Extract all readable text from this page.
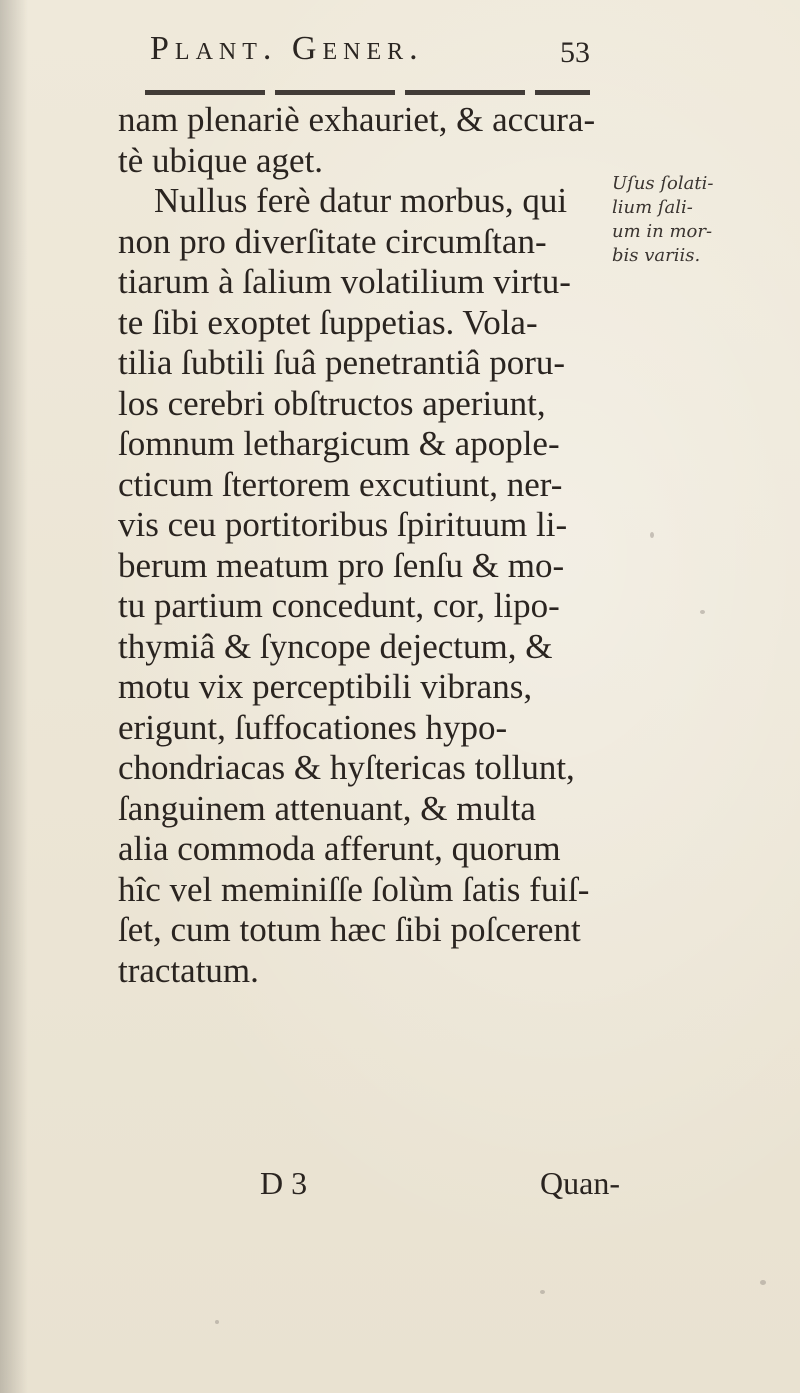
Plant. Gener.	53
nam plenariè exhauriet, & accura-
tè ubique aget.
Nullus ferè datur morbus, qui
non pro diverſitate circumſtan-
tiarum à ſalium volatilium virtu-
te ſibi exoptet ſuppetias. Vola-
tilia ſubtili ſuâ penetrantiâ poru-
los cerebri obſtructos aperiunt,
ſomnum lethargicum & apople-
cticum ſtertorem excutiunt, ner-
vis ceu portitoribus ſpirituum li-
berum meatum pro ſenſu & mo-
tu partium concedunt, cor, lipo-
thymiâ & ſyncope dejectum, &
motu vix perceptibili vibrans,
erigunt, ſuffocationes hypo-
chondriacas & hyſtericas tollunt,
ſanguinem attenuant, & multa
alia commoda afferunt, quorum
hîc vel meminiſſe ſolùm ſatis fuiſ-
ſet, cum totum hæc ſibi poſcerent
tractatum.
Uſus ſolati-
lium ſali-
um in mor-
bis variis.
D 3	Quan-
